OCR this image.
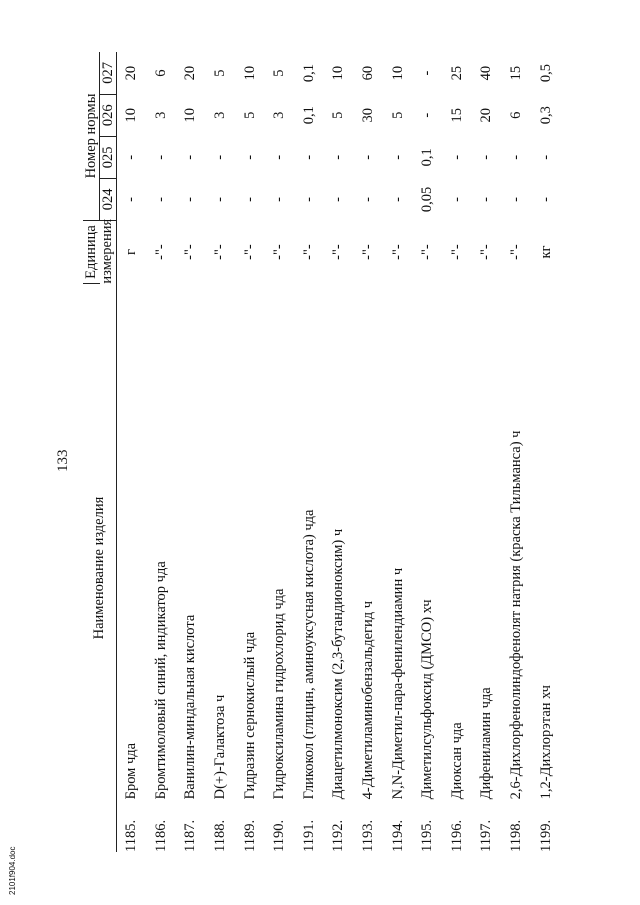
133
Наименование изделия		Единица	Номер нормы			
		измерения	024	025	026	027
1185.	Бром чда	г	-	-	10	20
1186.	Бромтимоловый синий, индикатор чда	-"-	-	-	3	6
1187.	Ванилин-миндальная кислота	-"-	-	-	10	20
1188.	D(+)-Галактоза ч	-"-	-	-	3	5
1189.	Гидразин сернокислый чда	-"-	-	-	5	10
1190.	Гидроксиламина гидрохлорид чда	-"-	-	-	3	5
1191.	Гликокол (глицин, аминоуксусная кислота) чда	-"-	-	-	0,1	0,1
1192.	Диацетилмоноксим (2,3-бутандионоксим) ч	-"-	-	-	5	10
1193.	4-Диметиламинобензальдегид ч	-"-	-	-	30	60
1194.	N,N-Диметил-пара-фенилендиамин ч	-"-	-	-	5	10
1195.	Диметилсульфоксид (ДМСО) хч	-"-	0,05	0,1	-	-
1196.	Диоксан чда	-"-	-	-	15	25
1197.	Дифениламин чда	-"-	-	-	20	40
1198.	2,6-Дихлорфенолиндофенолят натрия (краска Тильманса) ч	-"-	-	-	6	15
1199.	1,2-Дихлорэтан хч	кг	-	-	0,3	0,5
2101f904.doc
